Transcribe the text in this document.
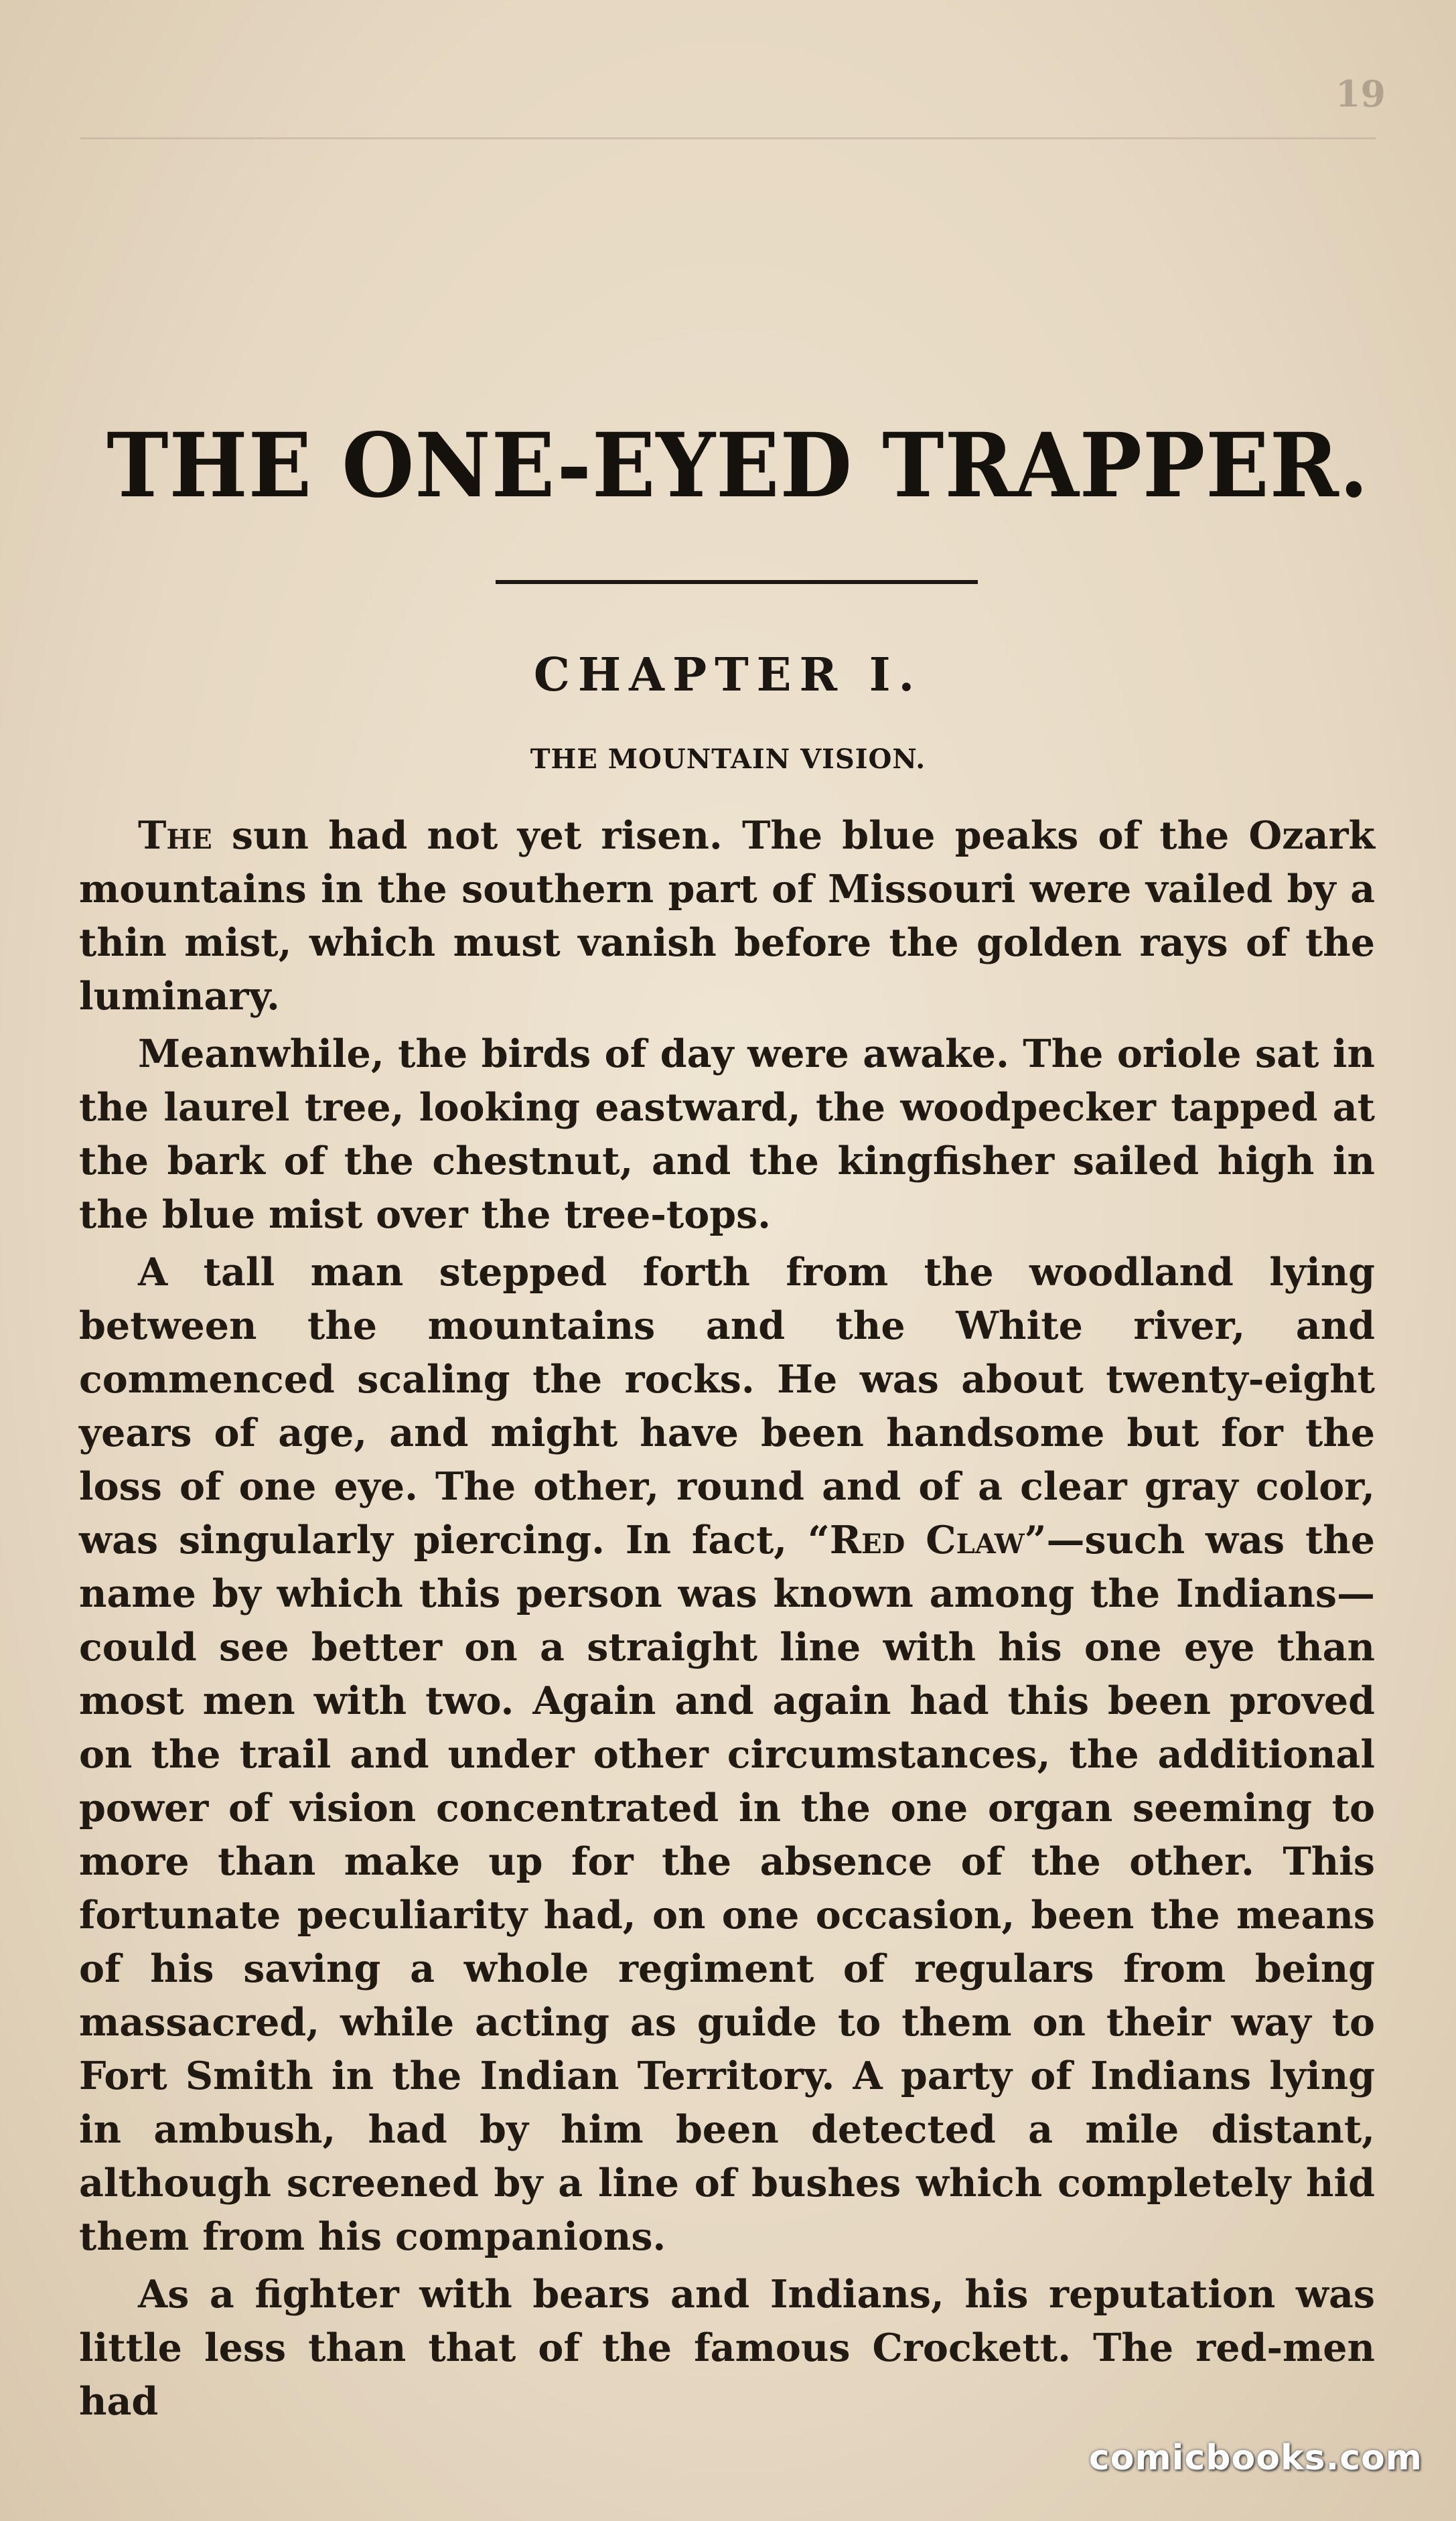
19
THE ONE-EYED TRAPPER.
CHAPTER I.
THE MOUNTAIN VISION.

The sun had not yet risen. The blue peaks of the Ozark mountains in the southern part of Missouri were vailed by a thin mist, which must vanish before the golden rays of the luminary.

Meanwhile, the birds of day were awake. The oriole sat in the laurel tree, looking eastward, the woodpecker tapped at the bark of the chestnut, and the kingfisher sailed high in the blue mist over the tree-tops.

A tall man stepped forth from the woodland lying between the mountains and the White river, and commenced scaling the rocks. He was about twenty-eight years of age, and might have been handsome but for the loss of one eye. The other, round and of a clear gray color, was singularly piercing. In fact, “Red Claw”—such was the name by which this person was known among the Indians—could see better on a straight line with his one eye than most men with two. Again and again had this been proved on the trail and under other circumstances, the additional power of vision concentrated in the one organ seeming to more than make up for the absence of the other. This fortunate peculiarity had, on one occasion, been the means of his saving a whole regiment of regulars from being massacred, while acting as guide to them on their way to Fort Smith in the Indian Territory. A party of Indians lying in ambush, had by him been detected a mile distant, although screened by a line of bushes which completely hid them from his companions.

As a fighter with bears and Indians, his reputation was little less than that of the famous Crockett. The red-men had

comicbooks.com
